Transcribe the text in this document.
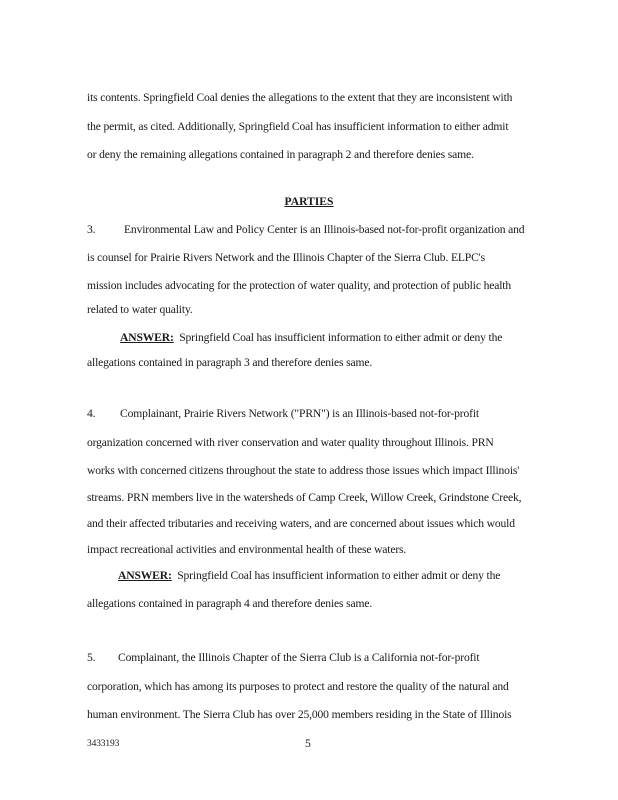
its contents. Springfield Coal denies the allegations to the extent that they are inconsistent with
the permit, as cited. Additionally, Springfield Coal has insufficient information to either admit
or deny the remaining allegations contained in paragraph 2 and therefore denies same.
PARTIES
3. Environmental Law and Policy Center is an Illinois-based not-for-profit organization and
is counsel for Prairie Rivers Network and the Illinois Chapter of the Sierra Club. ELPC's
mission includes advocating for the protection of water quality, and protection of public health
related to water quality.
ANSWER: Springfield Coal has insufficient information to either admit or deny the
allegations contained in paragraph 3 and therefore denies same.
4. Complainant, Prairie Rivers Network ("PRN") is an Illinois-based not-for-profit
organization concerned with river conservation and water quality throughout Illinois. PRN
works with concerned citizens throughout the state to address those issues which impact Illinois'
streams. PRN members live in the watersheds of Camp Creek, Willow Creek, Grindstone Creek,
and their affected tributaries and receiving waters, and are concerned about issues which would
impact recreational activities and environmental health of these waters.
ANSWER: Springfield Coal has insufficient information to either admit or deny the
allegations contained in paragraph 4 and therefore denies same.
5. Complainant, the Illinois Chapter of the Sierra Club is a California not-for-profit
corporation, which has among its purposes to protect and restore the quality of the natural and
human environment. The Sierra Club has over 25,000 members residing in the State of Illinois
3433193	5
